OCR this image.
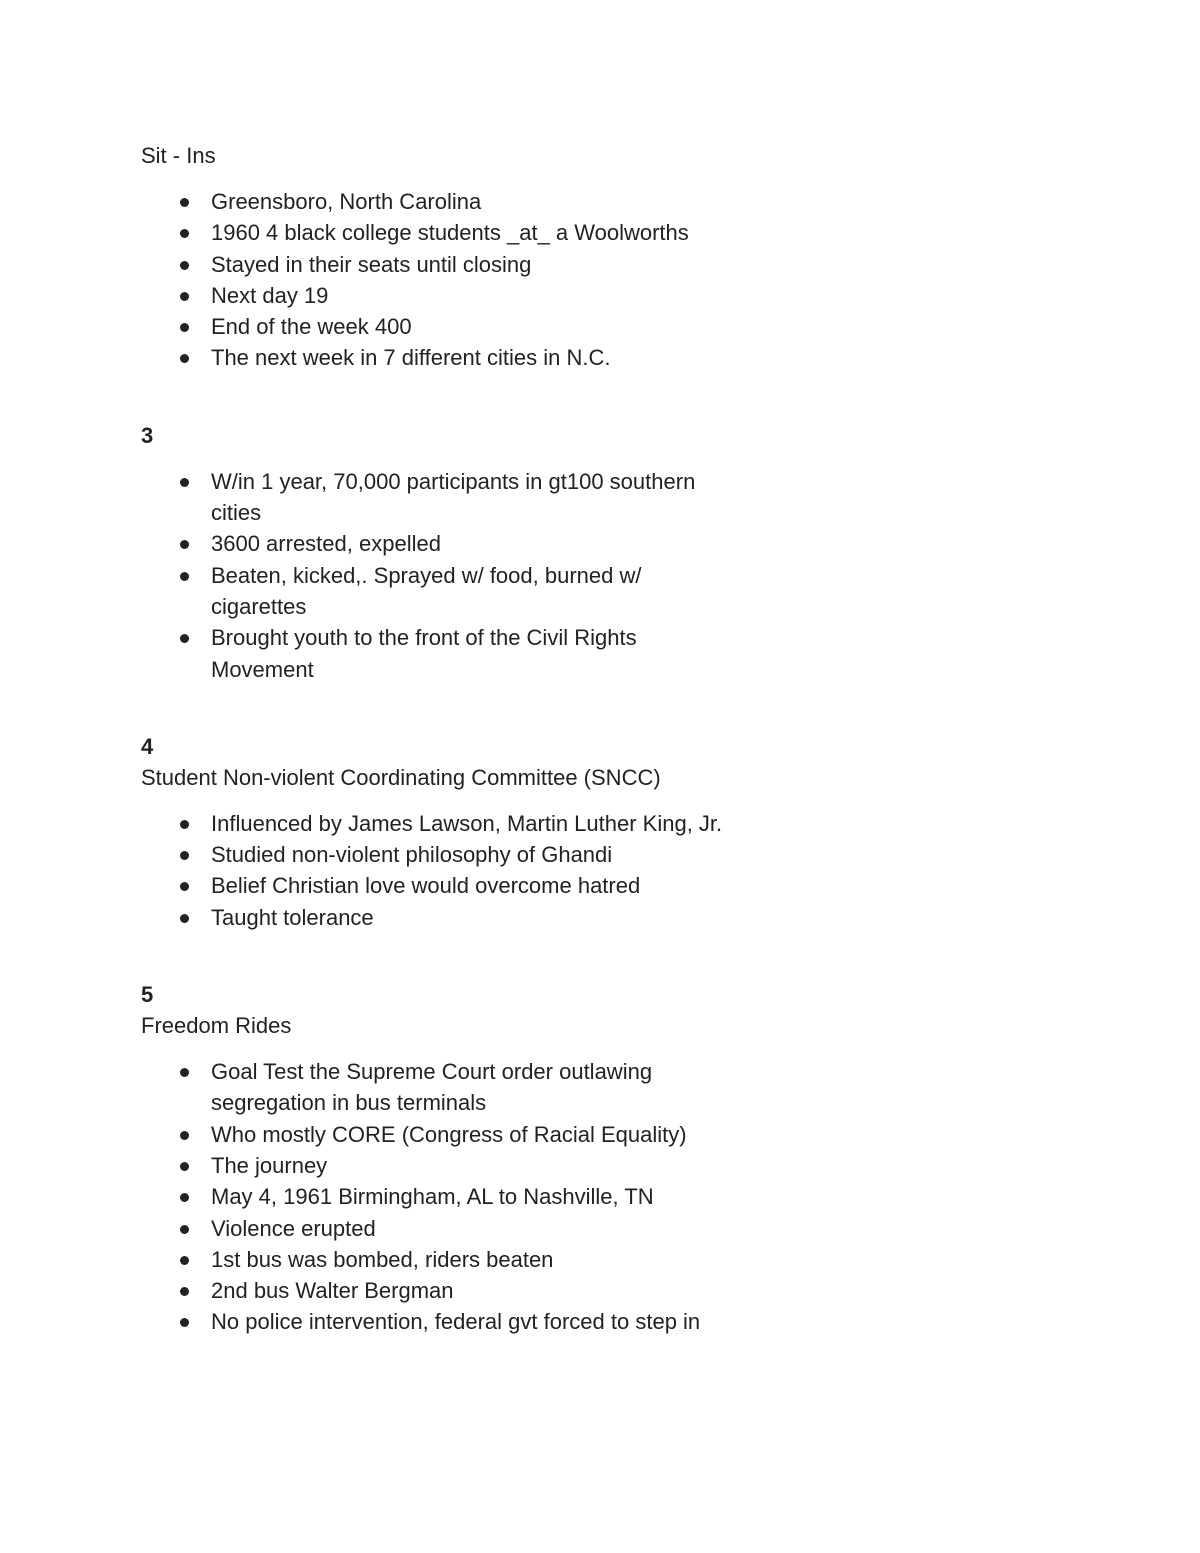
Sit - Ins

Greensboro, North Carolina
1960 4 black college students _at_ a Woolworths
Stayed in their seats until closing
Next day 19
End of the week 400
The next week in 7 different cities in N.C.

3

W/in 1 year, 70,000 participants in gt100 southern cities
3600 arrested, expelled
Beaten, kicked,. Sprayed w/ food, burned w/ cigarettes
Brought youth to the front of the Civil Rights Movement

4

Student Non-violent Coordinating Committee (SNCC)

Influenced by James Lawson, Martin Luther King, Jr.
Studied non-violent philosophy of Ghandi
Belief Christian love would overcome hatred
Taught tolerance

5

Freedom Rides

Goal Test the Supreme Court order outlawing segregation in bus terminals
Who mostly CORE (Congress of Racial Equality)
The journey
May 4, 1961 Birmingham, AL to Nashville, TN
Violence erupted
1st bus was bombed, riders beaten
2nd bus Walter Bergman
No police intervention, federal gvt forced to step in
